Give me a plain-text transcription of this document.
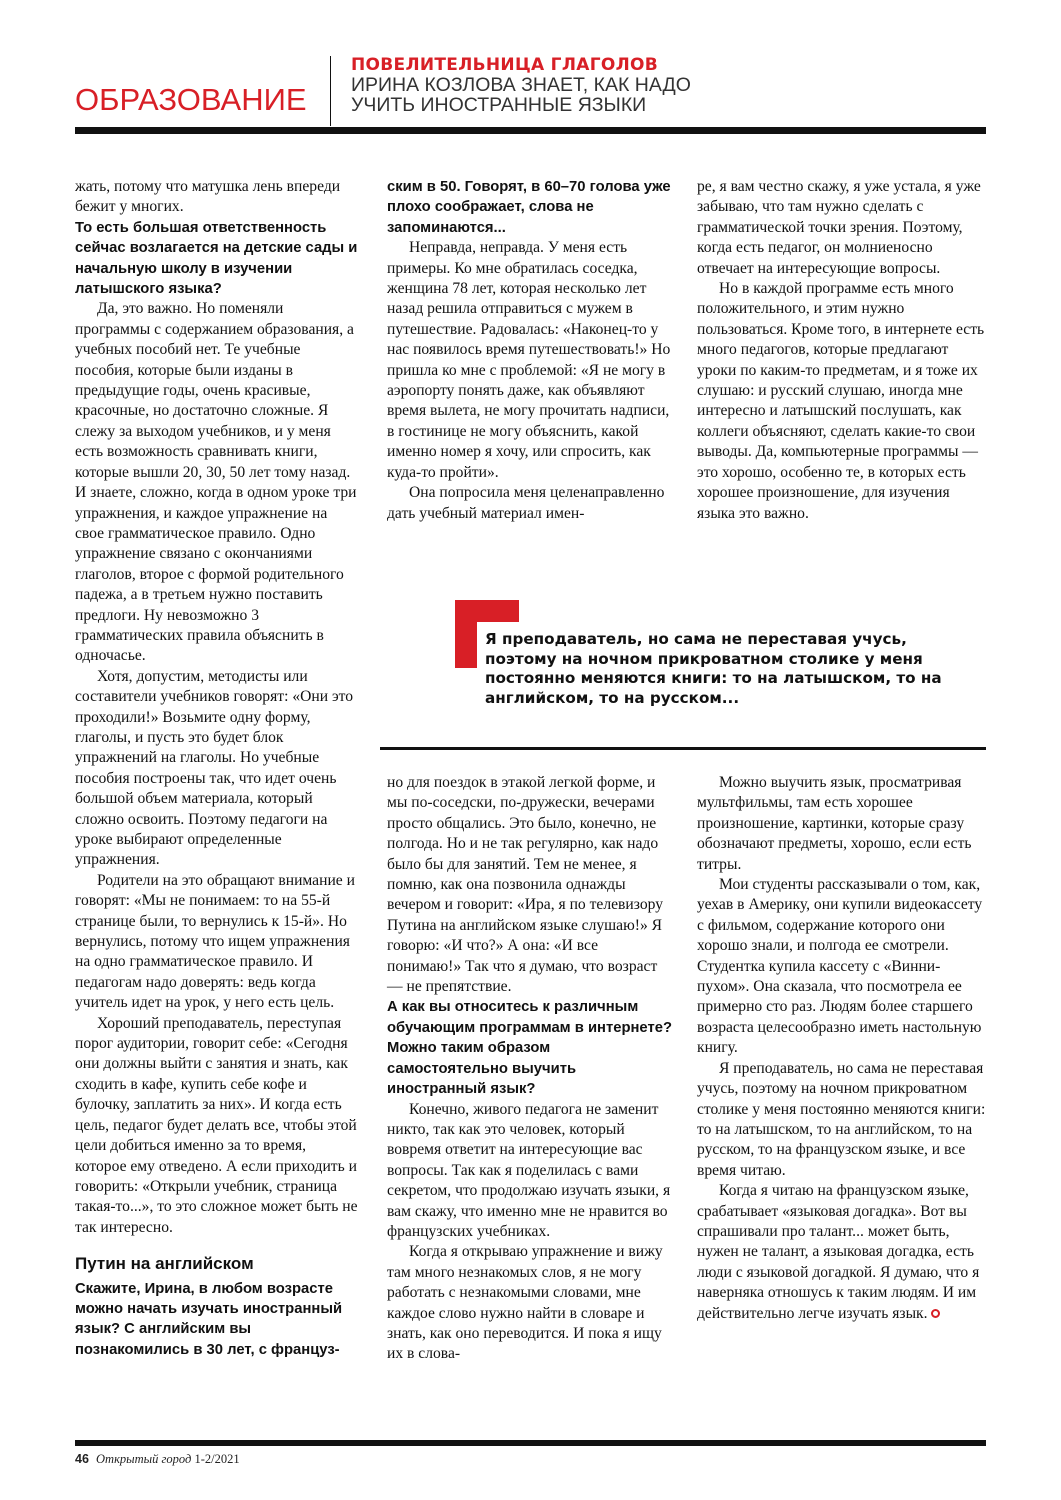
ОБРАЗОВАНИЕ
ПОВЕЛИТЕЛЬНИЦА ГЛАГОЛОВ
ИРИНА КОЗЛОВА ЗНАЕТ, КАК НАДО
УЧИТЬ ИНОСТРАННЫЕ ЯЗЫКИ

жать, потому что матушка лень впереди бежит у многих.

То есть большая ответственность сейчас возлагается на детские сады и начальную школу в изучении латышского языка?

Да, это важно. Но поменяли программы с содержанием образования, а учебных пособий нет. Те учебные пособия, которые были изданы в предыдущие годы, очень красивые, красочные, но достаточно сложные. Я слежу за выходом учебников, и у меня есть возможность сравнивать книги, которые вышли 20, 30, 50 лет тому назад. И знаете, сложно, когда в одном уроке три упражнения, и каждое упражнение на свое грамматическое правило. Одно упражнение связано с окончаниями глаголов, второе с формой родительного падежа, а в третьем нужно поставить предлоги. Ну невозможно 3 грамматических правила объяснить в одночасье.

Хотя, допустим, методисты или составители учебников говорят: «Они это проходили!» Возьмите одну форму, глаголы, и пусть это будет блок упражнений на глаголы. Но учебные пособия построены так, что идет очень большой объем материала, который сложно освоить. Поэтому педагоги на уроке выбирают определенные упражнения.

Родители на это обращают внимание и говорят: «Мы не понимаем: то на 55-й странице были, то вернулись к 15-й». Но вернулись, потому что ищем упражнения на одно грамматическое правило. И педагогам надо доверять: ведь когда учитель идет на урок, у него есть цель.

Хороший преподаватель, переступая порог аудитории, говорит себе: «Сегодня они должны выйти с занятия и знать, как сходить в кафе, купить себе кофе и булочку, заплатить за них». И когда есть цель, педагог будет делать все, чтобы этой цели добиться именно за то время, которое ему отведено. А если приходить и говорить: «Открыли учебник, страница такая-то...», то это сложное может быть не так интересно.

Путин на английском

Скажите, Ирина, в любом возрасте можно начать изучать иностранный язык? С английским вы познакомились в 30 лет, с француз-

ским в 50. Говорят, в 60–70 голова уже плохо соображает, слова не запоминаются...

Неправда, неправда. У меня есть примеры. Ко мне обратилась соседка, женщина 78 лет, которая несколько лет назад решила отправиться с мужем в путешествие. Радовалась: «Наконец-то у нас появилось время путешествовать!» Но пришла ко мне с проблемой: «Я не могу в аэропорту понять даже, как объявляют время вылета, не могу прочитать надписи, в гостинице не могу объяснить, какой именно номер я хочу, или спросить, как куда-то пройти».

Она попросила меня целенаправленно дать учебный материал имен-

ре, я вам честно скажу, я уже устала, я уже забываю, что там нужно сделать с грамматической точки зрения. Поэтому, когда есть педагог, он молниеносно отвечает на интересующие вопросы.

Но в каждой программе есть много положительного, и этим нужно пользоваться. Кроме того, в интернете есть много педагогов, которые предлагают уроки по каким-то предметам, и я тоже их слушаю: и русский слушаю, иногда мне интересно и латышский послушать, как коллеги объясняют, сделать какие-то свои выводы. Да, компьютерные программы — это хорошо, особенно те, в которых есть хорошее произношение, для изучения языка это важно.

Я преподаватель, но сама не переставая учусь, поэтому на ночном прикроватном столике у меня постоянно меняются книги: то на латышском, то на английском, то на русском...

но для поездок в этакой легкой форме, и мы по-соседски, по-дружески, вечерами просто общались. Это было, конечно, не полгода. Но и не так регулярно, как надо было бы для занятий. Тем не менее, я помню, как она позвонила однажды вечером и говорит: «Ира, я по телевизору Путина на английском языке слушаю!» Я говорю: «И что?» А она: «И все понимаю!» Так что я думаю, что возраст — не препятствие.

А как вы относитесь к различным обучающим программам в интернете? Можно таким образом самостоятельно выучить иностранный язык?

Конечно, живого педагога не заменит никто, так как это человек, который вовремя ответит на интересующие вас вопросы. Так как я поделилась с вами секретом, что продолжаю изучать языки, я вам скажу, что именно мне не нравится во французских учебниках.

Когда я открываю упражнение и вижу там много незнакомых слов, я не могу работать с незнакомыми словами, мне каждое слово нужно найти в словаре и знать, как оно переводится. И пока я ищу их в слова-

Можно выучить язык, просматривая мультфильмы, там есть хорошее произношение, картинки, которые сразу обозначают предметы, хорошо, если есть титры.

Мои студенты рассказывали о том, как, уехав в Америку, они купили видеокассету с фильмом, содержание которого они хорошо знали, и полгода ее смотрели. Студентка купила кассету с «Винни-пухом». Она сказала, что посмотрела ее примерно сто раз. Людям более старшего возраста целесообразно иметь настольную книгу.

Я преподаватель, но сама не переставая учусь, поэтому на ночном прикроватном столике у меня постоянно меняются книги: то на латышском, то на английском, то на русском, то на французском языке, и все время читаю.

Когда я читаю на французском языке, срабатывает «языковая догадка». Вот вы спрашивали про талант... может быть, нужен не талант, а языковая догадка, есть люди с языковой догадкой. Я думаю, что я наверняка отношусь к таким людям. И им действительно легче изучать язык.

46 Открытый город 1-2/2021
